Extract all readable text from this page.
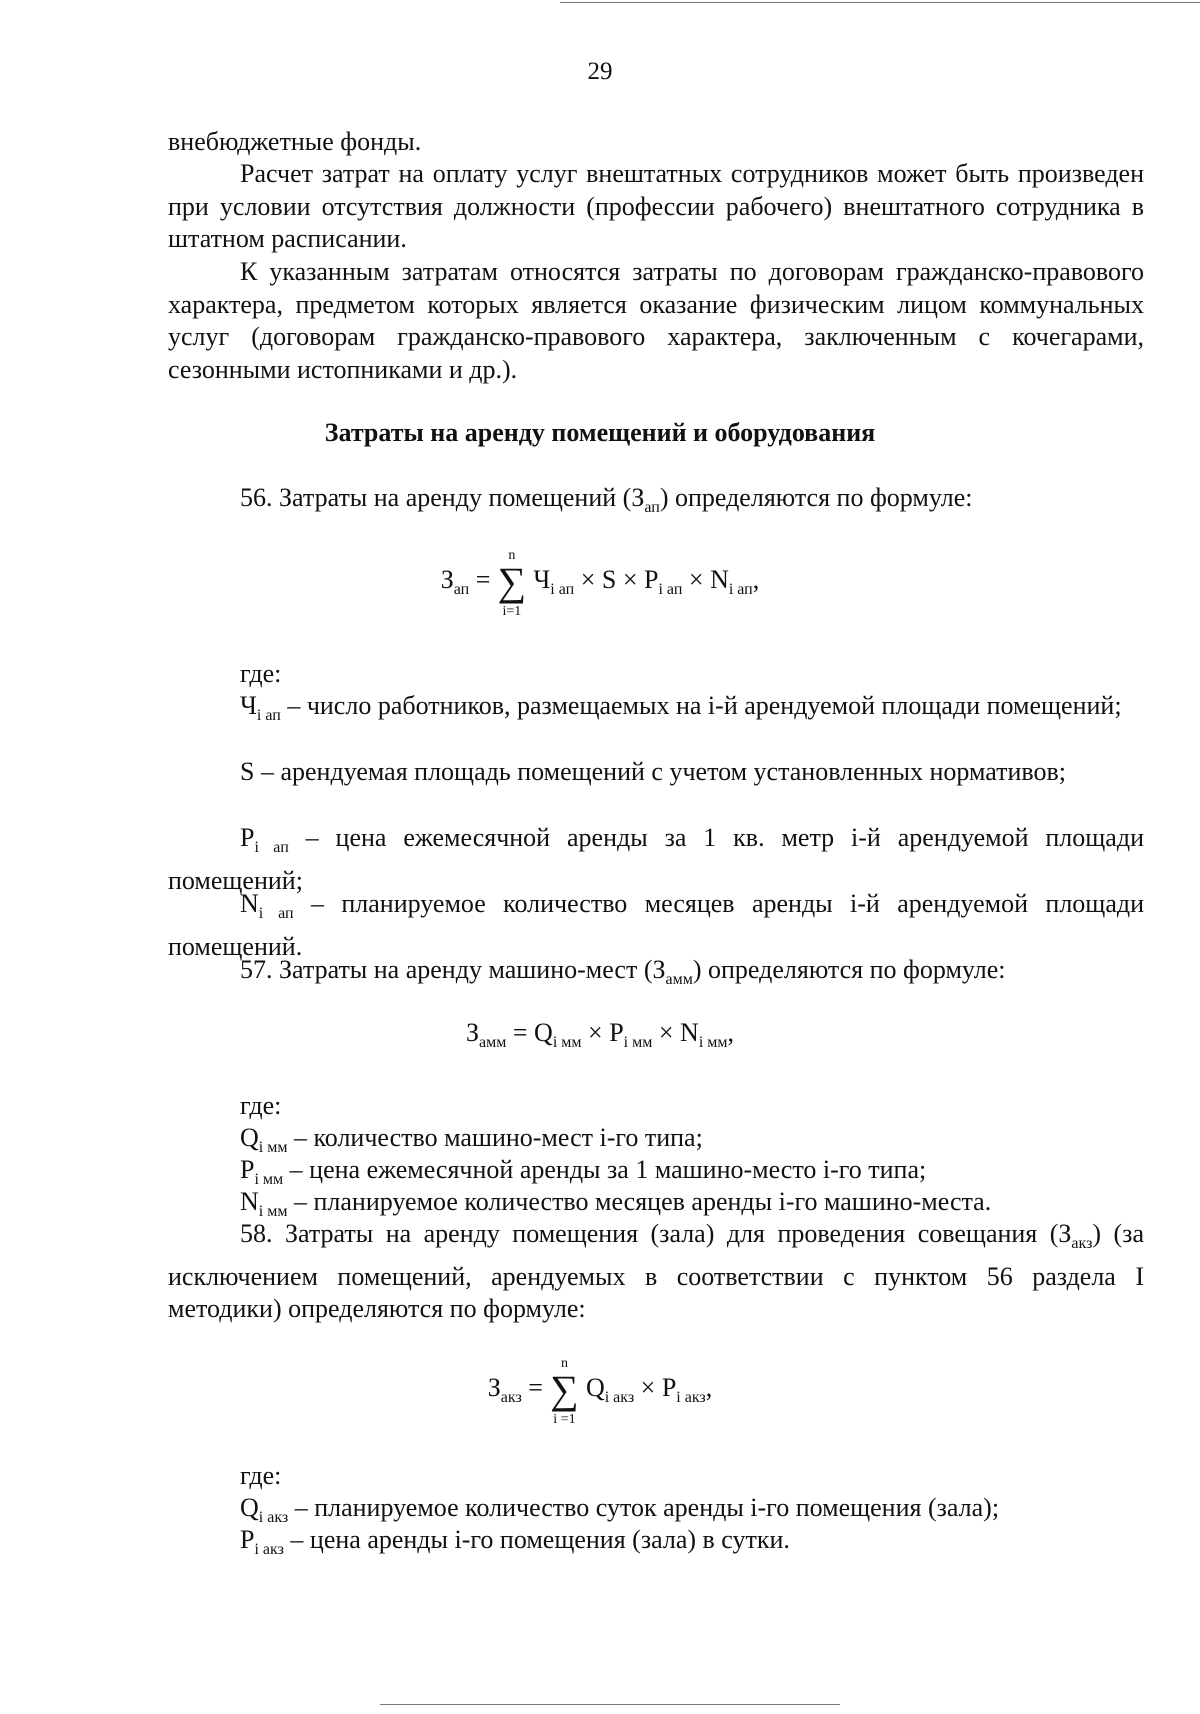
29
внебюджетные фонды.
Расчет затрат на оплату услуг внештатных сотрудников может быть произведен при условии отсутствия должности (профессии рабочего) внештатного сотрудника в штатном расписании.
К указанным затратам относятся затраты по договорам гражданско-правового характера, предметом которых является оказание физическим лицом коммунальных услуг (договорам гражданско-правового характера, заключенным с кочегарами, сезонными истопниками и др.).
Затраты на аренду помещений и оборудования
56. Затраты на аренду помещений $(З_{ап})$ определяются по формуле:
$З_{ап}$ =
n
∑
i=1
$Ч_{i ап} \times S \times P_{i ап} \times N_{i ап}$,
где:
$Ч_{i ап}$ – число работников, размещаемых на i-й арендуемой площади помещений;
S – арендуемая площадь помещений с учетом установленных нормативов;
$P_{i ап}$ – цена ежемесячной аренды за 1 кв. метр i-й арендуемой площади помещений;
$N_{i ап}$ – планируемое количество месяцев аренды i-й арендуемой площади помещений.
57. Затраты на аренду машино-мест $(З_{амм})$ определяются по формуле:
$З_{амм} = Q_{i мм} \times P_{i мм} \times N_{i мм}$,
где:
$Q_{i мм}$ – количество машино-мест i-го типа;
$P_{i мм}$ – цена ежемесячной аренды за 1 машино-место i-го типа;
$N_{i мм}$ – планируемое количество месяцев аренды i-го машино-места.
58. Затраты на аренду помещения (зала) для проведения совещания $(З_{акз})$ (за исключением помещений, арендуемых в соответствии с пунктом 56 раздела I методики) определяются по формуле:
$З_{акз}$ =
n
∑
i =1
$Q_{i акз} \times P_{i акз}$,
где:
$Q_{i акз}$ – планируемое количество суток аренды i-го помещения (зала);
$P_{i акз}$ – цена аренды i-го помещения (зала) в сутки.
